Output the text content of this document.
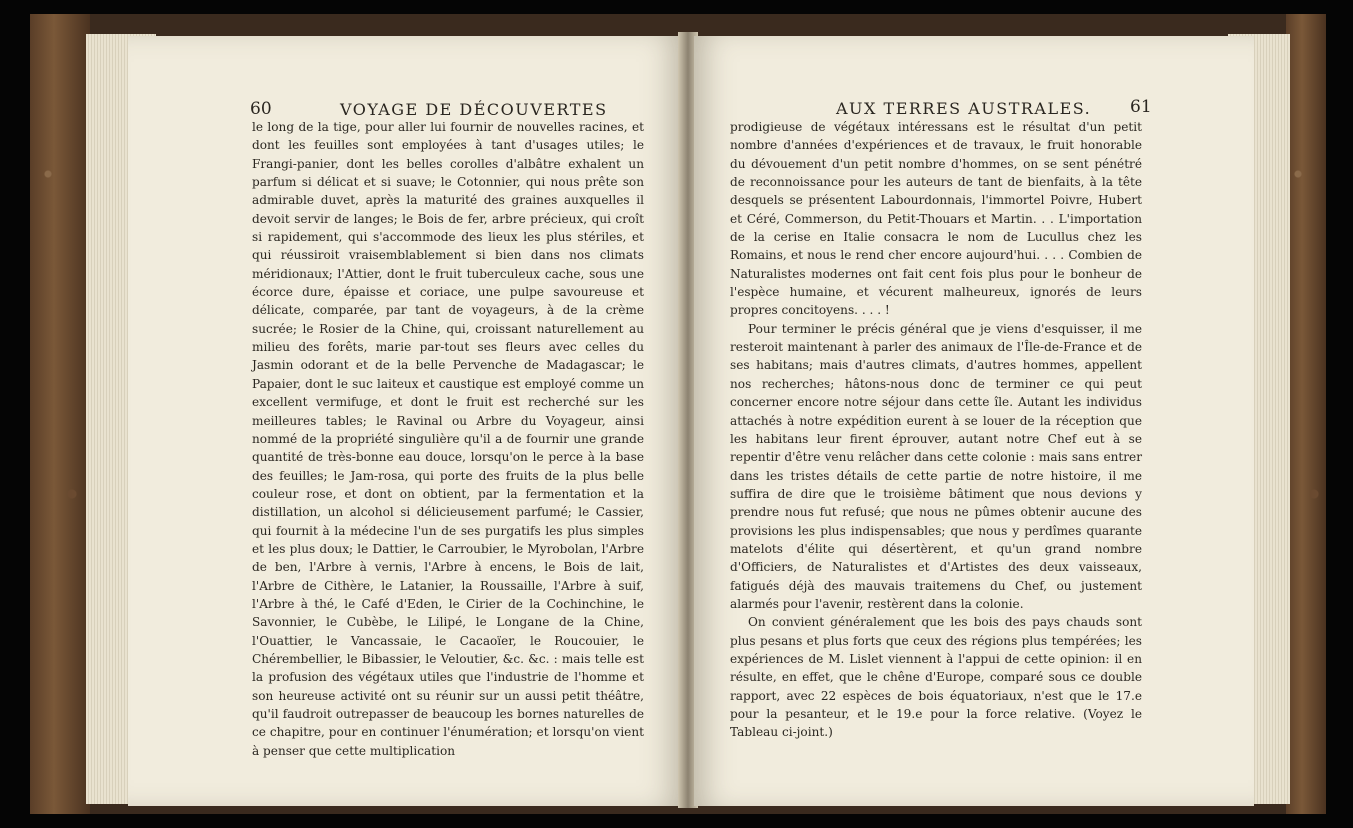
60	VOYAGE DE DÉCOUVERTES

le long de la tige, pour aller lui fournir de nouvelles racines, et dont les feuilles sont employées à tant d'usages utiles; le Frangi-panier, dont les belles corolles d'albâtre exhalent un parfum si délicat et si suave; le Cotonnier, qui nous prête son admirable duvet, après la maturité des graines auxquelles il devoit servir de langes; le Bois de fer, arbre précieux, qui croît si rapidement, qui s'accommode des lieux les plus stériles, et qui réussiroit vraisemblablement si bien dans nos climats méridionaux; l'Attier, dont le fruit tuberculeux cache, sous une écorce dure, épaisse et coriace, une pulpe savoureuse et délicate, comparée, par tant de voyageurs, à de la crème sucrée; le Rosier de la Chine, qui, croissant naturellement au milieu des forêts, marie par-tout ses fleurs avec celles du Jasmin odorant et de la belle Pervenche de Madagascar; le Papaier, dont le suc laiteux et caustique est employé comme un excellent vermifuge, et dont le fruit est recherché sur les meilleures tables; le Ravinal ou Arbre du Voyageur, ainsi nommé de la propriété singulière qu'il a de fournir une grande quantité de très-bonne eau douce, lorsqu'on le perce à la base des feuilles; le Jam-rosa, qui porte des fruits de la plus belle couleur rose, et dont on obtient, par la fermentation et la distillation, un alcohol si délicieusement parfumé; le Cassier, qui fournit à la médecine l'un de ses purgatifs les plus simples et les plus doux; le Dattier, le Carroubier, le Myrobolan, l'Arbre de ben, l'Arbre à vernis, l'Arbre à encens, le Bois de lait, l'Arbre de Cithère, le Latanier, la Roussaille, l'Arbre à suif, l'Arbre à thé, le Café d'Eden, le Cirier de la Cochinchine, le Savonnier, le Cubèbe, le Lilipé, le Longane de la Chine, l'Ouattier, le Vancassaie, le Cacaoïer, le Roucouier, le Chérembellier, le Bibassier, le Veloutier, &c. &c. : mais telle est la profusion des végétaux utiles que l'industrie de l'homme et son heureuse activité ont su réunir sur un aussi petit théâtre, qu'il faudroit outrepasser de beaucoup les bornes naturelles de ce chapitre, pour en continuer l'énumération; et lorsqu'on vient à penser que cette multiplication

AUX TERRES AUSTRALES. 61

prodigieuse de végétaux intéressans est le résultat d'un petit nombre d'années d'expériences et de travaux, le fruit honorable du dévouement d'un petit nombre d'hommes, on se sent pénétré de reconnoissance pour les auteurs de tant de bienfaits, à la tête desquels se présentent Labourdonnais, l'immortel Poivre, Hubert et Céré, Commerson, du Petit-Thouars et Martin. . . L'importation de la cerise en Italie consacra le nom de Lucullus chez les Romains, et nous le rend cher encore aujourd'hui. . . . Combien de Naturalistes modernes ont fait cent fois plus pour le bonheur de l'espèce humaine, et vécurent malheureux, ignorés de leurs propres concitoyens. . . . !

Pour terminer le précis général que je viens d'esquisser, il me resteroit maintenant à parler des animaux de l'Île-de-France et de ses habitans; mais d'autres climats, d'autres hommes, appellent nos recherches; hâtons-nous donc de terminer ce qui peut concerner encore notre séjour dans cette île. Autant les individus attachés à notre expédition eurent à se louer de la réception que les habitans leur firent éprouver, autant notre Chef eut à se repentir d'être venu relâcher dans cette colonie : mais sans entrer dans les tristes détails de cette partie de notre histoire, il me suffira de dire que le troisième bâtiment que nous devions y prendre nous fut refusé; que nous ne pûmes obtenir aucune des provisions les plus indispensables; que nous y perdîmes quarante matelots d'élite qui désertèrent, et qu'un grand nombre d'Officiers, de Naturalistes et d'Artistes des deux vaisseaux, fatigués déjà des mauvais traitemens du Chef, ou justement alarmés pour l'avenir, restèrent dans la colonie.

On convient généralement que les bois des pays chauds sont plus pesans et plus forts que ceux des régions plus tempérées; les expériences de M. Lislet viennent à l'appui de cette opinion: il en résulte, en effet, que le chêne d'Europe, comparé sous ce double rapport, avec 22 espèces de bois équatoriaux, n'est que le 17.e pour la pesanteur, et le 19.e pour la force relative. (Voyez le Tableau ci-joint.)
